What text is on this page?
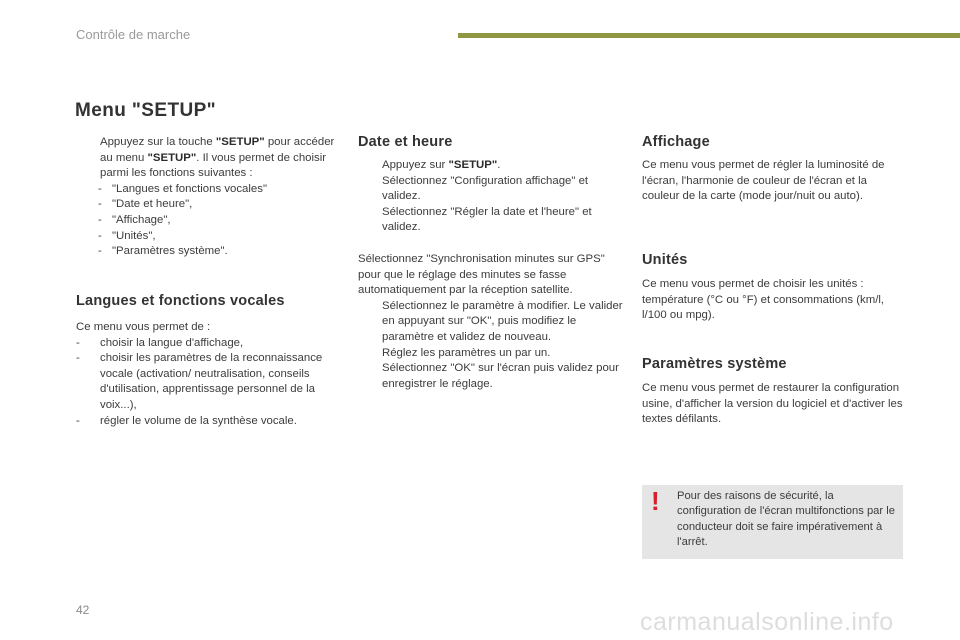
Contrôle de marche
Menu "SETUP"
Appuyez sur la touche "SETUP" pour accéder au menu "SETUP". Il vous permet de choisir parmi les fonctions suivantes :
- "Langues et fonctions vocales"
- "Date et heure",
- "Affichage",
- "Unités",
- "Paramètres système".
Langues et fonctions vocales

Ce menu vous permet de :

- choisir la langue d'affichage,
- choisir les paramètres de la reconnaissance vocale (activation/ neutralisation, conseils d'utilisation, apprentissage personnel de la voix...),
- régler le volume de la synthèse vocale.
Date et heure
Appuyez sur "SETUP".
Sélectionnez "Configuration affichage" et validez.
Sélectionnez "Régler la date et l'heure" et validez.

Sélectionnez "Synchronisation minutes sur GPS" pour que le réglage des minutes se fasse automatiquement par la réception satellite.

Sélectionnez le paramètre à modifier. Le valider en appuyant sur "OK", puis modifiez le paramètre et validez de nouveau.
Réglez les paramètres un par un.
Sélectionnez "OK" sur l'écran puis validez pour enregistrer le réglage.
Affichage

Ce menu vous permet de régler la luminosité de l'écran, l'harmonie de couleur de l'écran et la couleur de la carte (mode jour/nuit ou auto).

Unités

Ce menu vous permet de choisir les unités : température (°C ou °F) et consommations (km/l, l/100 ou mpg).

Paramètres système

Ce menu vous permet de restaurer la configuration usine, d'afficher la version du logiciel et d'activer les textes défilants.

! Pour des raisons de sécurité, la configuration de l'écran multifonctions par le conducteur doit se faire impérativement à l'arrêt.

42	carmanualsonline.info
